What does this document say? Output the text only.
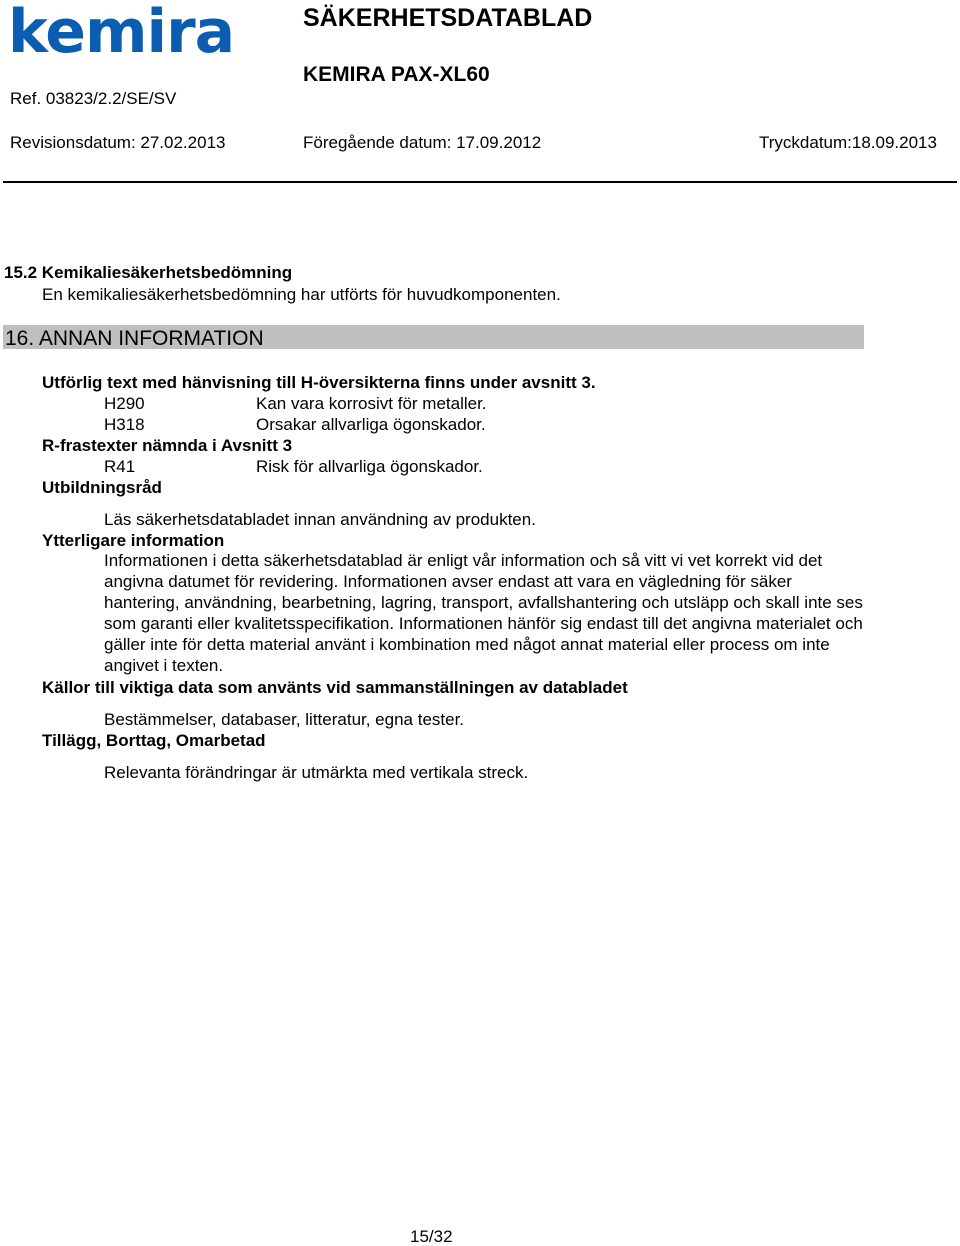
kemira	SÄKERHETSDATABLAD
KEMIRA PAX-XL60
Ref. 03823/2.2/SE/SV
Revisionsdatum: 27.02.2013	Föregående datum: 17.09.2012	Tryckdatum:18.09.2013
15.2 Kemikaliesäkerhetsbedömning
En kemikaliesäkerhetsbedömning har utförts för huvudkomponenten.
16. ANNAN INFORMATION
Utförlig text med hänvisning till H-översikterna finns under avsnitt 3.
H290	Kan vara korrosivt för metaller.
H318	Orsakar allvarliga ögonskador.
R-frastexter nämnda i Avsnitt 3
R41	Risk för allvarliga ögonskador.
Utbildningsråd
Läs säkerhetsdatabladet innan användning av produkten.
Ytterligare information
Informationen i detta säkerhetsdatablad är enligt vår information och så vitt vi vet korrekt vid det angivna datumet för revidering. Informationen avser endast att vara en vägledning för säker hantering, användning, bearbetning, lagring, transport, avfallshantering och utsläpp och skall inte ses som garanti eller kvalitetsspecifikation. Informationen hänför sig endast till det angivna materialet och gäller inte för detta material använt i kombination med något annat material eller process om inte angivet i texten.
Källor till viktiga data som använts vid sammanställningen av databladet
Bestämmelser, databaser, litteratur, egna tester.
Tillägg, Borttag, Omarbetad
Relevanta förändringar är utmärkta med vertikala streck.
15/32
